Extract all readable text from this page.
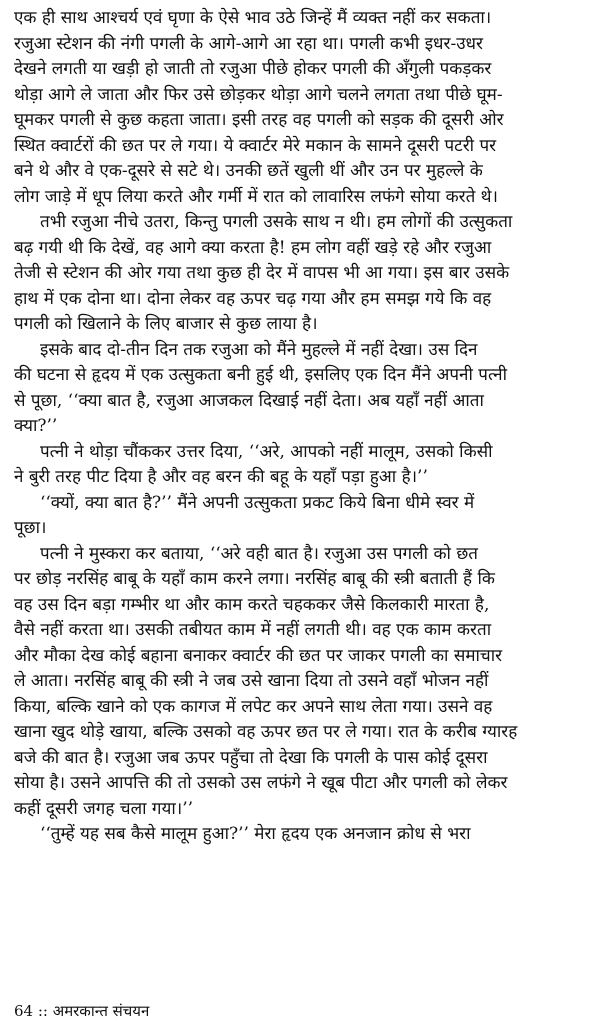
एक ही साथ आश्चर्य एवं घृणा के ऐसे भाव उठे जिन्हें मैं व्यक्त नहीं कर सकता।
रजुआ स्टेशन की नंगी पगली के आगे-आगे आ रहा था। पगली कभी इधर-उधर
देखने लगती या खड़ी हो जाती तो रजुआ पीछे होकर पगली की अँगुली पकड़कर
थोड़ा आगे ले जाता और फिर उसे छोड़कर थोड़ा आगे चलने लगता तथा पीछे घूम-
घूमकर पगली से कुछ कहता जाता। इसी तरह वह पगली को सड़क की दूसरी ओर
स्थित क्वार्टरों की छत पर ले गया। ये क्वार्टर मेरे मकान के सामने दूसरी पटरी पर
बने थे और वे एक-दूसरे से सटे थे। उनकी छतें खुली थीं और उन पर मुहल्ले के
लोग जाड़े में धूप लिया करते और गर्मी में रात को लावारिस लफंगे सोया करते थे।
तभी रजुआ नीचे उतरा, किन्तु पगली उसके साथ न थी। हम लोगों की उत्सुकता
बढ़ गयी थी कि देखें, वह आगे क्या करता है! हम लोग वहीं खड़े रहे और रजुआ
तेजी से स्टेशन की ओर गया तथा कुछ ही देर में वापस भी आ गया। इस बार उसके
हाथ में एक दोना था। दोना लेकर वह ऊपर चढ़ गया और हम समझ गये कि वह
पगली को खिलाने के लिए बाजार से कुछ लाया है।
इसके बाद दो-तीन दिन तक रजुआ को मैंने मुहल्ले में नहीं देखा। उस दिन
की घटना से हृदय में एक उत्सुकता बनी हुई थी, इसलिए एक दिन मैंने अपनी पत्नी
से पूछा, ‘‘क्या बात है, रजुआ आजकल दिखाई नहीं देता। अब यहाँ नहीं आता
क्या?’’
पत्नी ने थोड़ा चौंककर उत्तर दिया, ‘‘अरे, आपको नहीं मालूम, उसको किसी
ने बुरी तरह पीट दिया है और वह बरन की बहू के यहाँ पड़ा हुआ है।’’
‘‘क्यों, क्या बात है?’’ मैंने अपनी उत्सुकता प्रकट किये बिना धीमे स्वर में
पूछा।
पत्नी ने मुस्करा कर बताया, ‘‘अरे वही बात है। रजुआ उस पगली को छत
पर छोड़ नरसिंह बाबू के यहाँ काम करने लगा। नरसिंह बाबू की स्त्री बताती हैं कि
वह उस दिन बड़ा गम्भीर था और काम करते चहककर जैसे किलकारी मारता है,
वैसे नहीं करता था। उसकी तबीयत काम में नहीं लगती थी। वह एक काम करता
और मौका देख कोई बहाना बनाकर क्वार्टर की छत पर जाकर पगली का समाचार
ले आता। नरसिंह बाबू की स्त्री ने जब उसे खाना दिया तो उसने वहाँ भोजन नहीं
किया, बल्कि खाने को एक कागज में लपेट कर अपने साथ लेता गया। उसने वह
खाना खुद थोड़े खाया, बल्कि उसको वह ऊपर छत पर ले गया। रात के करीब ग्यारह
बजे की बात है। रजुआ जब ऊपर पहुँचा तो देखा कि पगली के पास कोई दूसरा
सोया है। उसने आपत्ति की तो उसको उस लफंगे ने खूब पीटा और पगली को लेकर
कहीं दूसरी जगह चला गया।’’
‘‘तुम्हें यह सब कैसे मालूम हुआ?’’ मेरा हृदय एक अनजान क्रोध से भरा
64 :: अमरकान्त संचयन
